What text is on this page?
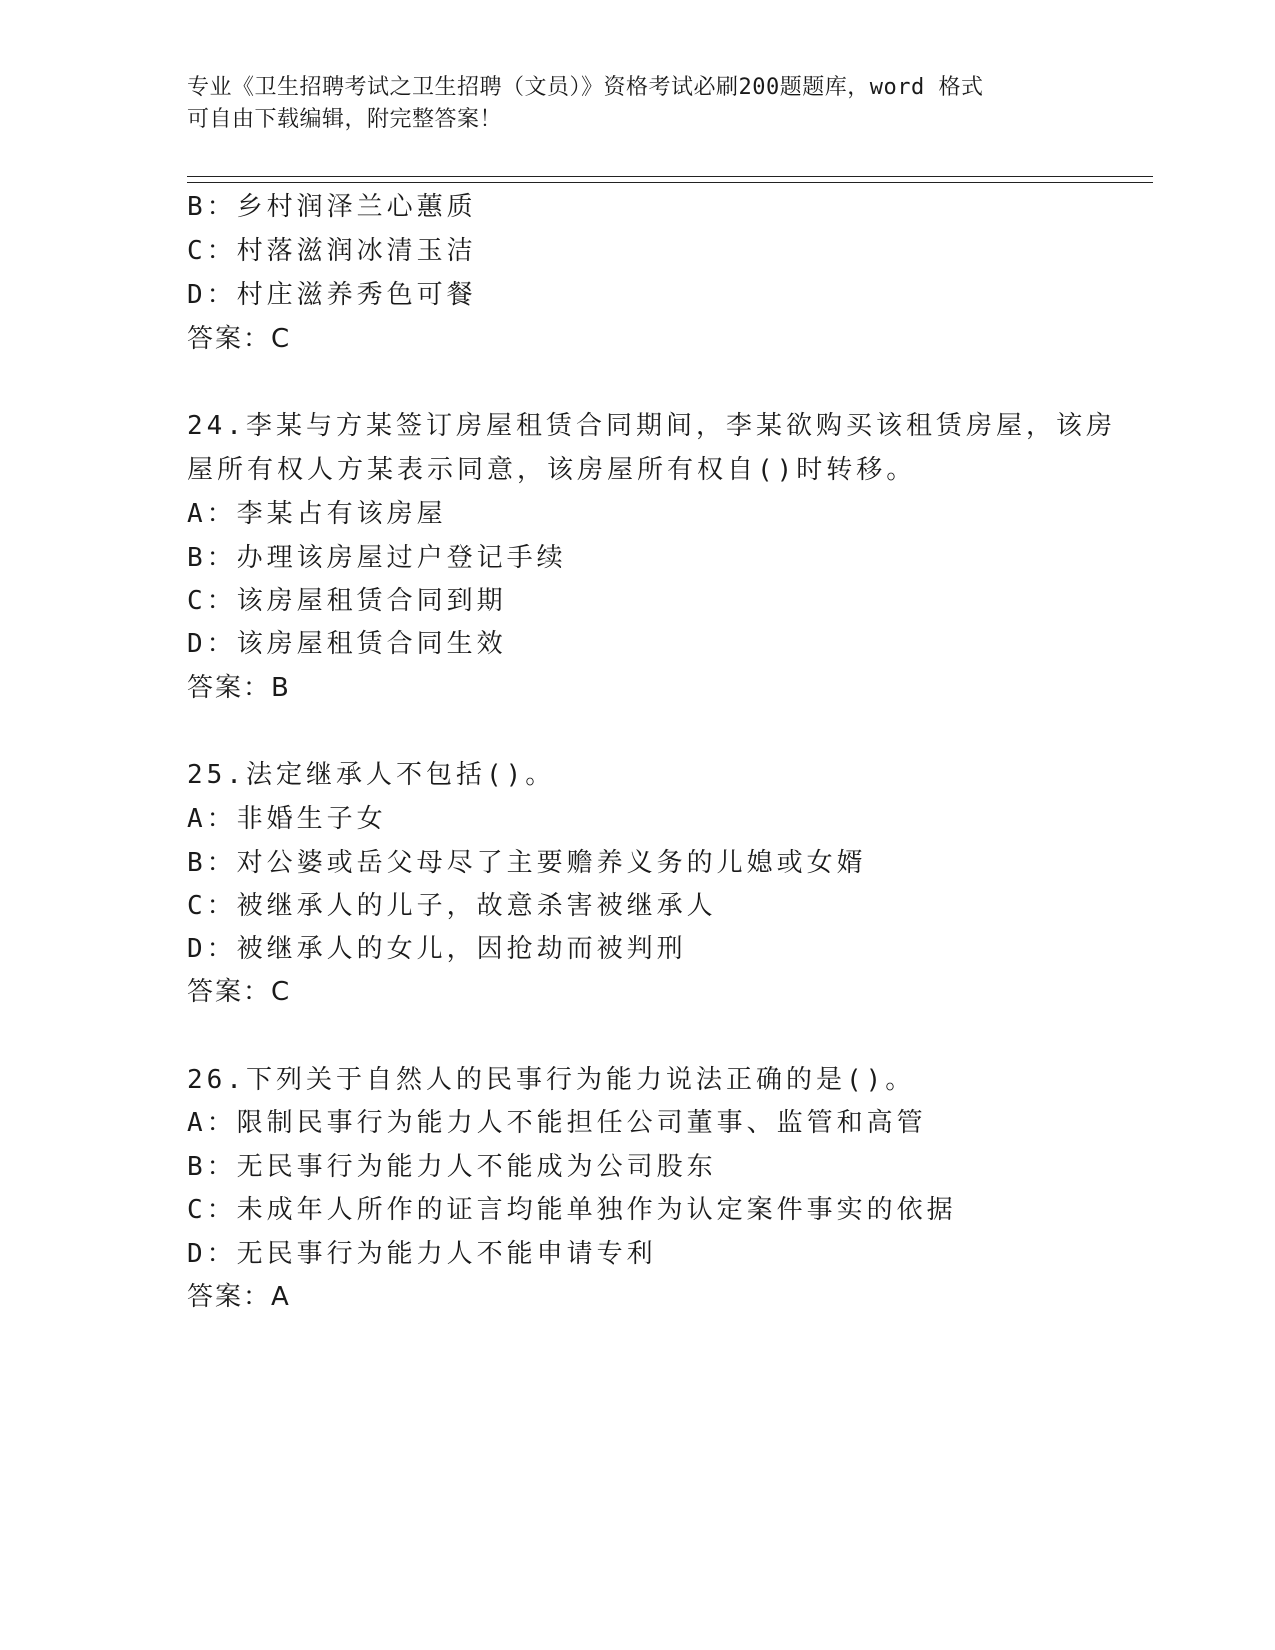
专业《卫生招聘考试之卫生招聘（文员）》资格考试必刷200题题库，word 格式
可自由下载编辑，附完整答案！
B：乡村润泽兰心蕙质
C：村落滋润冰清玉洁
D：村庄滋养秀色可餐
答案：C
24.李某与方某签订房屋租赁合同期间，李某欲购买该租赁房屋，该房
屋所有权人方某表示同意，该房屋所有权自()时转移。
A：李某占有该房屋
B：办理该房屋过户登记手续
C：该房屋租赁合同到期
D：该房屋租赁合同生效
答案：B
25.法定继承人不包括()。
A：非婚生子女
B：对公婆或岳父母尽了主要赡养义务的儿媳或女婿
C：被继承人的儿子，故意杀害被继承人
D：被继承人的女儿，因抢劫而被判刑
答案：C
26.下列关于自然人的民事行为能力说法正确的是()。
A：限制民事行为能力人不能担任公司董事、监管和高管
B：无民事行为能力人不能成为公司股东
C：未成年人所作的证言均能单独作为认定案件事实的依据
D：无民事行为能力人不能申请专利
答案：A
